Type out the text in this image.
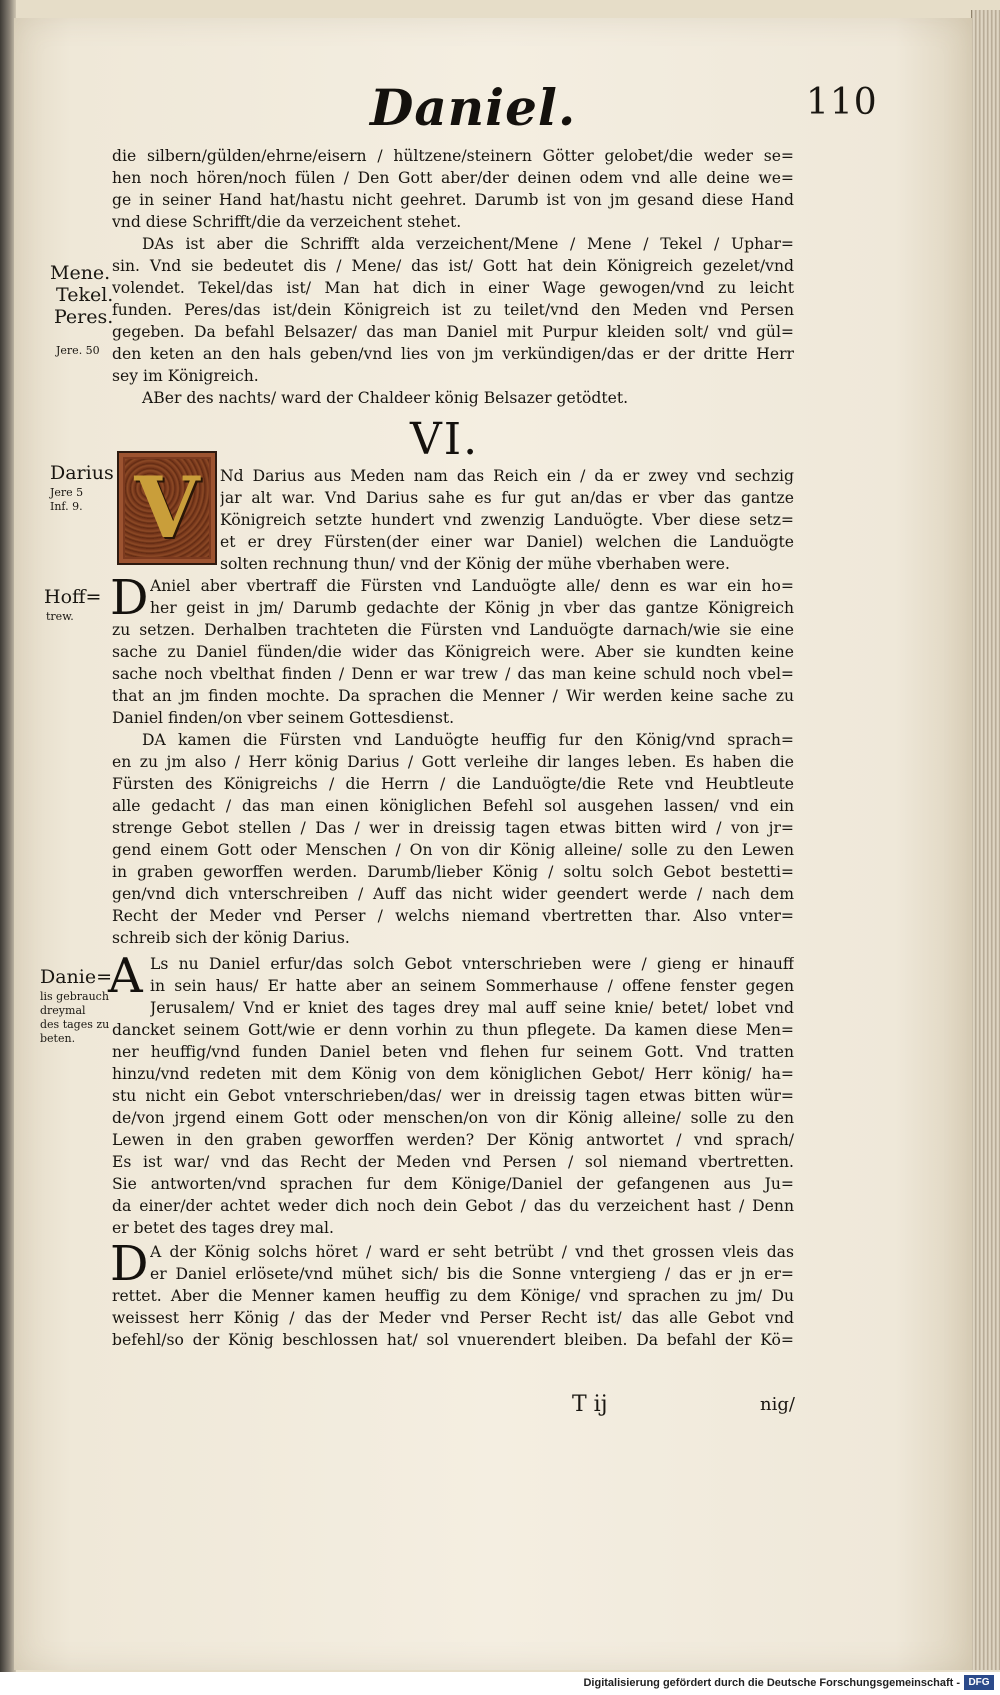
Daniel.	110
die silbern/gülden/ehrne/eisern / hültzene/steinern Götter gelobet/die weder se=
hen noch hören/noch fülen / Den Gott aber/der deinen odem vnd alle deine we=
ge in seiner Hand hat/hastu nicht geehret. Darumb ist von jm gesand diese Hand
vnd diese Schrifft/die da verzeichent stehet.
DAs ist aber die Schrifft alda verzeichent/Mene / Mene / Tekel / Uphar=
sin. Vnd sie bedeutet dis / Mene/ das ist/ Gott hat dein Königreich gezelet/vnd
volendet. Tekel/das ist/ Man hat dich in einer Wage gewogen/vnd zu leicht
funden. Peres/das ist/dein Königreich ist zu teilet/vnd den Meden vnd Persen
gegeben. Da befahl Belsazer/ das man Daniel mit Purpur kleiden solt/ vnd gül=
den keten an den hals geben/vnd lies von jm verkündigen/das er der dritte Herr
sey im Königreich.
ABer des nachts/ ward der Chaldeer könig Belsazer getödtet.
VI.
V	Nd Darius aus Meden nam das Reich ein / da er zwey vnd sechzig
jar alt war. Vnd Darius sahe es fur gut an/das er vber das gantze
Königreich setzte hundert vnd zwenzig Landuögte. Vber diese setz=
et er drey Fürsten(der einer war Daniel) welchen die Landuögte
solten rechnung thun/ vnd der König der mühe vberhaben were.
D Aniel aber vbertraff die Fürsten vnd Landuögte alle/ denn es war ein ho=
her geist in jm/ Darumb gedachte der König jn vber das gantze Königreich
zu setzen. Derhalben trachteten die Fürsten vnd Landuögte darnach/wie sie eine
sache zu Daniel fünden/die wider das Königreich were. Aber sie kundten keine
sache noch vbelthat finden / Denn er war trew / das man keine schuld noch vbel=
that an jm finden mochte. Da sprachen die Menner / Wir werden keine sache zu
Daniel finden/on vber seinem Gottesdienst.
DA kamen die Fürsten vnd Landuögte heuffig fur den König/vnd sprach=
en zu jm also / Herr könig Darius / Gott verleihe dir langes leben. Es haben die
Fürsten des Königreichs / die Herrn / die Landuögte/die Rete vnd Heubtleute
alle gedacht / das man einen königlichen Befehl sol ausgehen lassen/ vnd ein
strenge Gebot stellen / Das / wer in dreissig tagen etwas bitten wird / von jr=
gend einem Gott oder Menschen / On von dir König alleine/ solle zu den Lewen
in graben geworffen werden. Darumb/lieber König / soltu solch Gebot bestetti=
gen/vnd dich vnterschreiben / Auff das nicht wider geendert werde / nach dem
Recht der Meder vnd Perser / welchs niemand vbertretten thar. Also vnter=
schreib sich der könig Darius.
A Ls nu Daniel erfur/das solch Gebot vnterschrieben were / gieng er hinauff
in sein haus/ Er hatte aber an seinem Sommerhause / offene fenster gegen
Jerusalem/ Vnd er kniet des tages drey mal auff seine knie/ betet/ lobet vnd
dancket seinem Gott/wie er denn vorhin zu thun pflegete. Da kamen diese Men=
ner heuffig/vnd funden Daniel beten vnd flehen fur seinem Gott. Vnd tratten
hinzu/vnd redeten mit dem König von dem königlichen Gebot/ Herr könig/ ha=
stu nicht ein Gebot vnterschrieben/das/ wer in dreissig tagen etwas bitten wür=
de/von jrgend einem Gott oder menschen/on von dir König alleine/ solle zu den
Lewen in den graben geworffen werden? Der König antwortet / vnd sprach/
Es ist war/ vnd das Recht der Meden vnd Persen / sol niemand vbertretten.
Sie antworten/vnd sprachen fur dem Könige/Daniel der gefangenen aus Ju=
da einer/der achtet weder dich noch dein Gebot / das du verzeichent hast / Denn
er betet des tages drey mal.
D A der König solchs höret / ward er seht betrübt / vnd thet grossen vleis das
er Daniel erlösete/vnd mühet sich/ bis die Sonne vntergieng / das er jn er=
rettet. Aber die Menner kamen heuffig zu dem Könige/ vnd sprachen zu jm/ Du
weissest herr König / das der Meder vnd Perser Recht ist/ das alle Gebot vnd
befehl/so der König beschlossen hat/ sol vnuerendert bleiben. Da befahl der Kö=
Mene.
Tekel.
Peres.
Jere. 50
Darius
Jere 5
Inf. 9.
Hoff=
trew.
Danie=
lis gebrauch
dreymal
des tages zu
beten.
T ij	nig/
Digitalisierung gefördert durch die Deutsche Forschungsgemeinschaft - DFG
